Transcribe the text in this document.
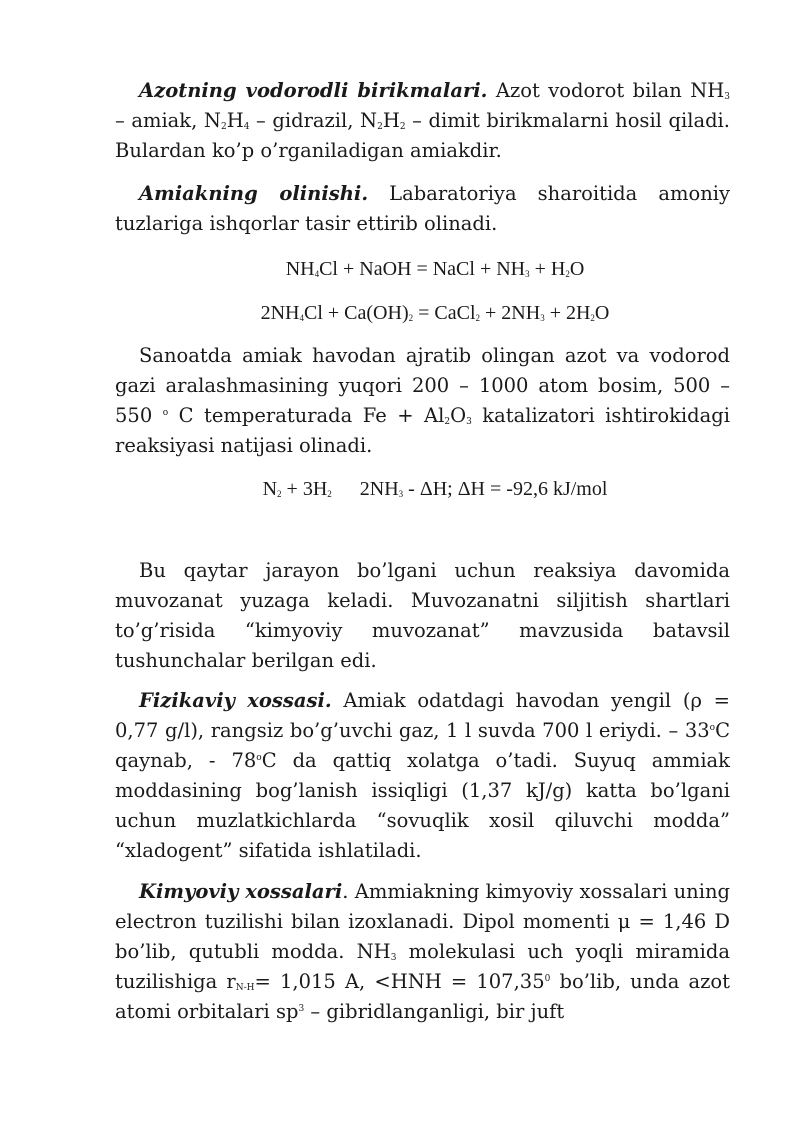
Azotning vodorodli birikmalari. Azot vodorot bilan $NH_3$ – amiak, $N_2H_4$ – gidrazil, $N_2H_2$ – dimit birikmalarni hosil qiladi. Bulardan ko’p o’rganiladigan amiakdir.

Amiakning olinishi. Labaratoriya sharoitida amoniy tuzlariga ishqorlar tasir ettirib olinadi.

$NH_4Cl$ + NaOH = NaCl + $NH_3 + H_2O$

$2NH_4Cl + Ca(OH)_2$ = CaCl$_2$ + $2NH_3 + 2H_2O$

Sanoatda amiak havodan ajratib olingan azot va vodorod gazi aralashmasining yuqori 200 – 1000 atom bosim, 500 – 550 $^o$ C temperaturada $Fe + Al_2O_3$ katalizatori ishtirokidagi reaksiyasi natijasi olinadi.

$N_2 + 3H_2$ $2NH_3$ - ΔH; ΔH = -92,6 kJ/mol

Bu qaytar jarayon bo’lgani uchun reaksiya davomida muvozanat yuzaga keladi. Muvozanatni siljitish shartlari to’g’risida “kimyoviy muvozanat” mavzusida batavsil tushunchalar berilgan edi.

Fizikaviy xossasi. Amiak odatdagi havodan yengil (ρ = 0,77 g/l), rangsiz bo’g’uvchi gaz, 1 l suvda 700 l eriydi. – 33$^o$C qaynab, - 78$^o$C da qattiq xolatga o’tadi. Suyuq ammiak moddasining bog’lanish issiqligi (1,37 kJ/g) katta bo’lgani uchun muzlatkichlarda “sovuqlik xosil qiluvchi modda” “xladogent” sifatida ishlatiladi.

Kimyoviy xossalari. Ammiakning kimyoviy xossalari uning electron tuzilishi bilan izoxlanadi. Dipol momenti μ = 1,46 D bo’lib, qutubli modda. $NH_3$ molekulasi uch yoqli miramida tuzilishiga $r_{N-H}= 1,015$ A, $<HNH = 107,35^0$ bo’lib, unda azot atomi orbitalari $sp^3$ – gibridlanganligi, bir juft
